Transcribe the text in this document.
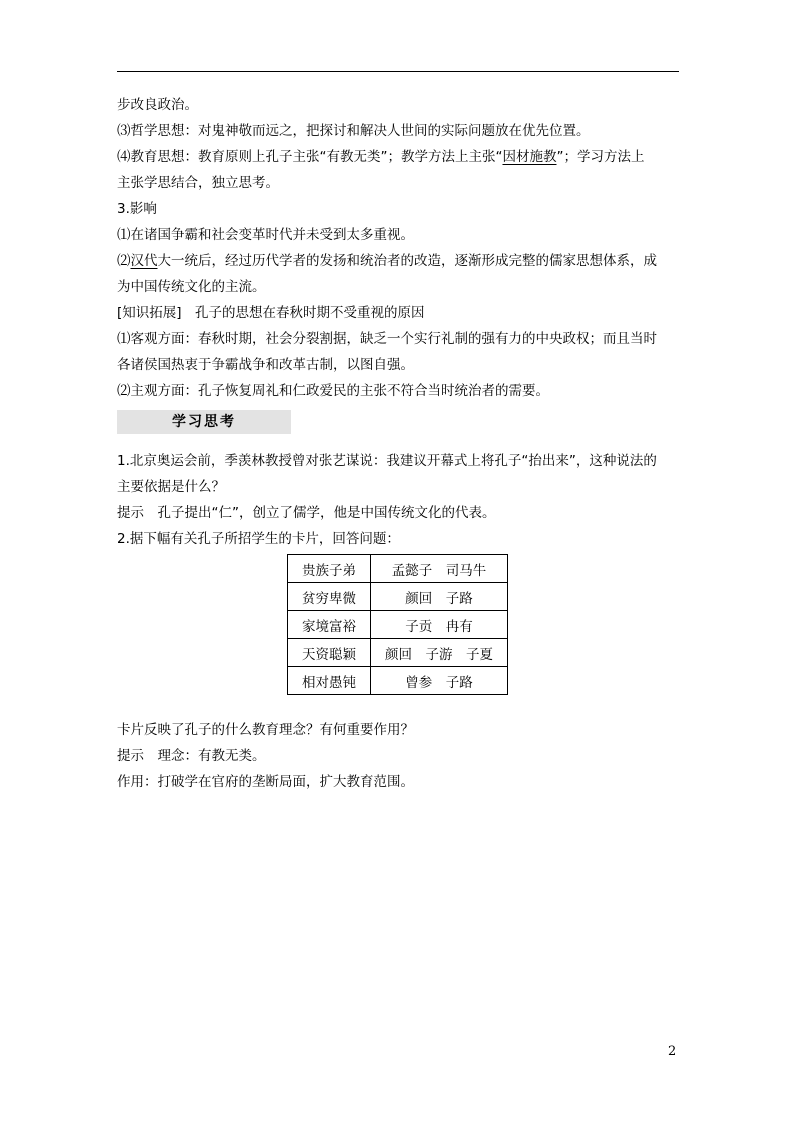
步改良政治。

⑶哲学思想：对鬼神敬而远之，把探讨和解决人世间的实际问题放在优先位置。

⑷教育思想：教育原则上孔子主张“有教无类”；教学方法上主张“因材施教”；学习方法上

主张学思结合，独立思考。

3.影响

⑴在诸国争霸和社会变革时代并未受到太多重视。

⑵汉代大一统后，经过历代学者的发扬和统治者的改造，逐渐形成完整的儒家思想体系，成

为中国传统文化的主流。

[知识拓展]　孔子的思想在春秋时期不受重视的原因

⑴客观方面：春秋时期，社会分裂割据，缺乏一个实行礼制的强有力的中央政权；而且当时

各诸侯国热衷于争霸战争和改革古制，以图自强。

⑵主观方面：孔子恢复周礼和仁政爱民的主张不符合当时统治者的需要。

学习思考

1.北京奥运会前，季羡林教授曾对张艺谋说：我建议开幕式上将孔子“抬出来”，这种说法的

主要依据是什么？

提示　孔子提出“仁”，创立了儒学，他是中国传统文化的代表。

2.据下幅有关孔子所招学生的卡片，回答问题：

贵族子弟	孟懿子　司马牛
贫穷卑微	颜回　子路
家境富裕	子贡　冉有
天资聪颖	颜回　子游　子夏
相对愚钝	曾参　子路

卡片反映了孔子的什么教育理念？有何重要作用？

提示　理念：有教无类。

作用：打破学在官府的垄断局面，扩大教育范围。

2
